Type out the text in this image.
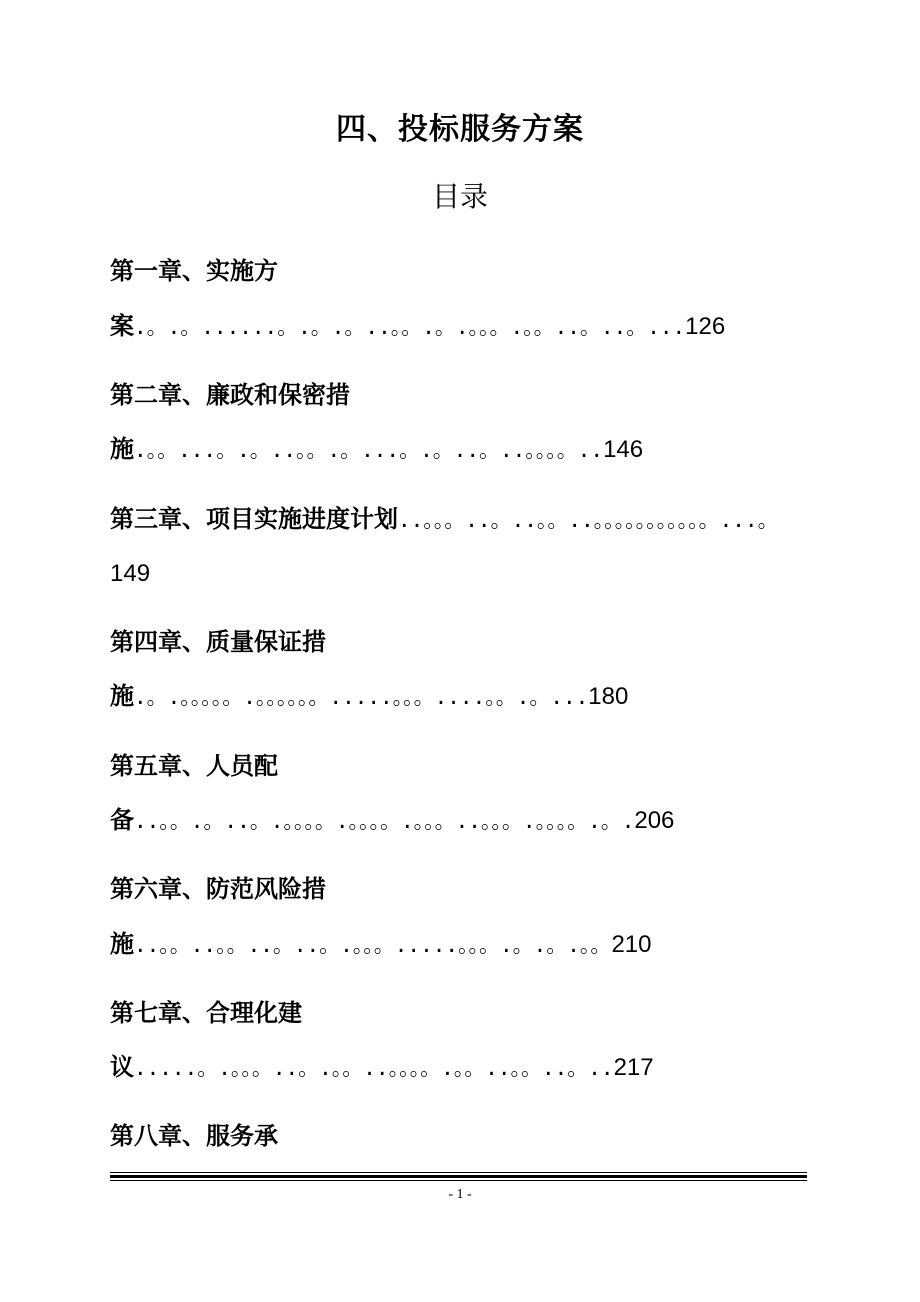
四、投标服务方案
目录
第一章、实施方
案.。.。......。.。.。..。。.。.。。。.。。..。..。...126
第二章、廉政和保密措
施.。。...。.。..。。.。...。.。..。..。。。。..146
第三章、项目实施进度计划..。。。..。..。。..。。。。。。。。。。。...。
149
第四章、质量保证措
施.。.。。。。。.。。。。。。.....。。。....。。.。...180
第五章、人员配
备..。。.。..。.。。。。.。。。。.。。。..。。。.。。。。.。.206
第六章、防范风险措
施..。。..。。..。..。.。。。.....。。。.。.。.。。210
第七章、合理化建
议.....。.。。。..。.。。..。。。。.。。..。。..。..217
第八章、服务承
- 1 -
